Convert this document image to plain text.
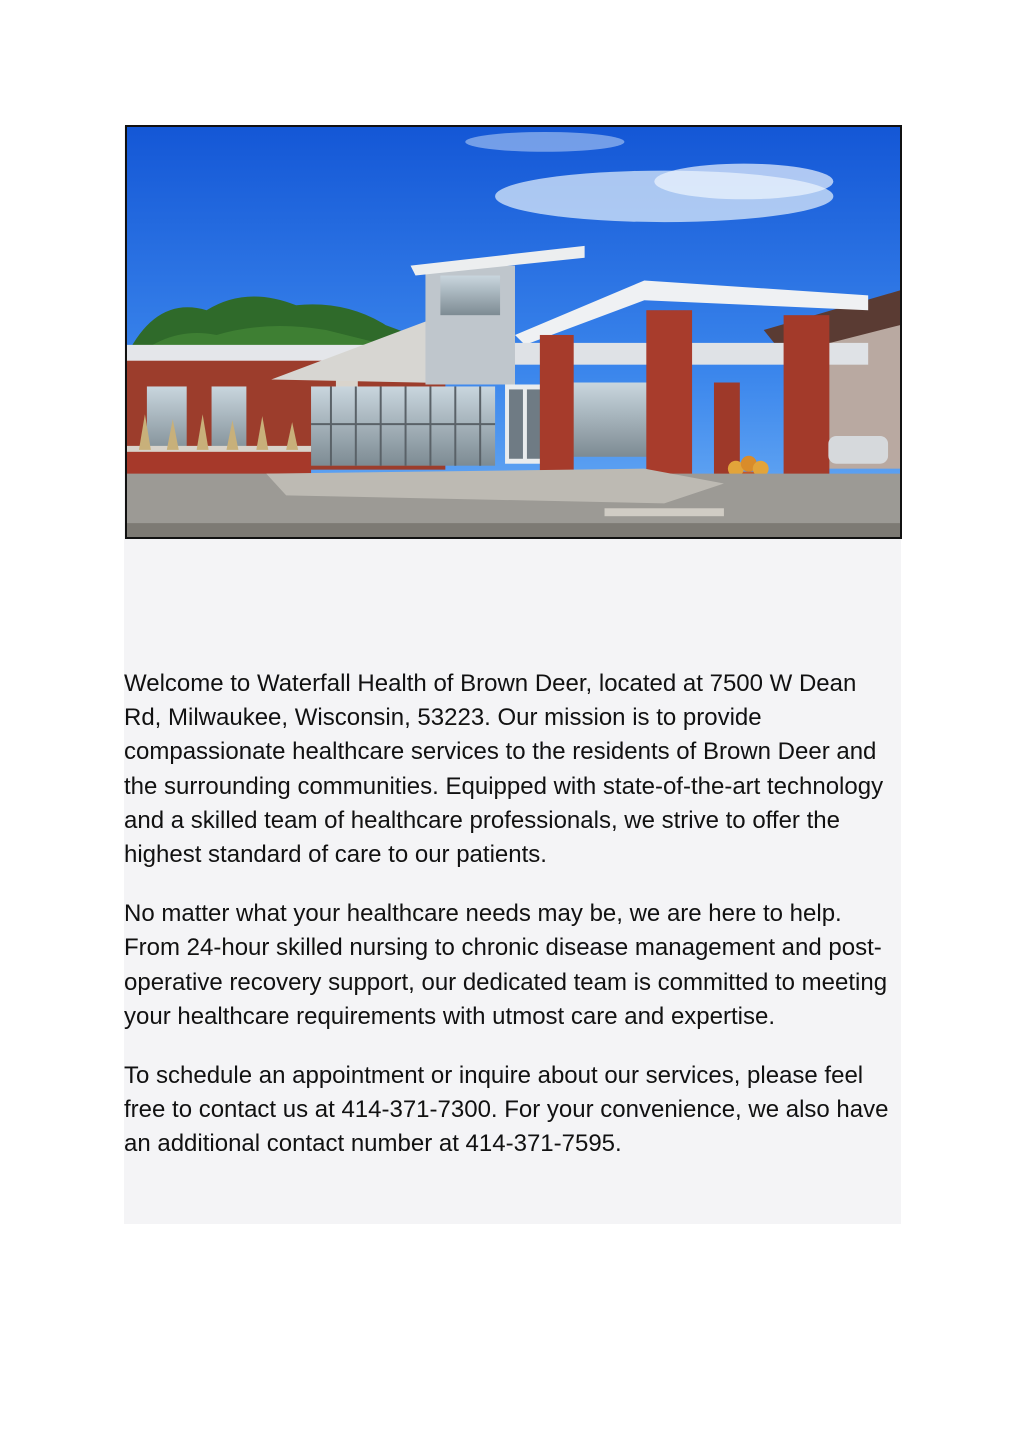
Welcome to Waterfall Health of Brown Deer, located at 7500 W Dean Rd, Milwaukee, Wisconsin, 53223. Our mission is to provide compassionate healthcare services to the residents of Brown Deer and the surrounding communities. Equipped with state-of-the-art technology and a skilled team of healthcare professionals, we strive to offer the highest standard of care to our patients.

No matter what your healthcare needs may be, we are here to help. From 24-hour skilled nursing to chronic disease management and post-operative recovery support, our dedicated team is committed to meeting your healthcare requirements with utmost care and expertise.

To schedule an appointment or inquire about our services, please feel free to contact us at 414-371-7300. For your convenience, we also have an additional contact number at 414-371-7595.
